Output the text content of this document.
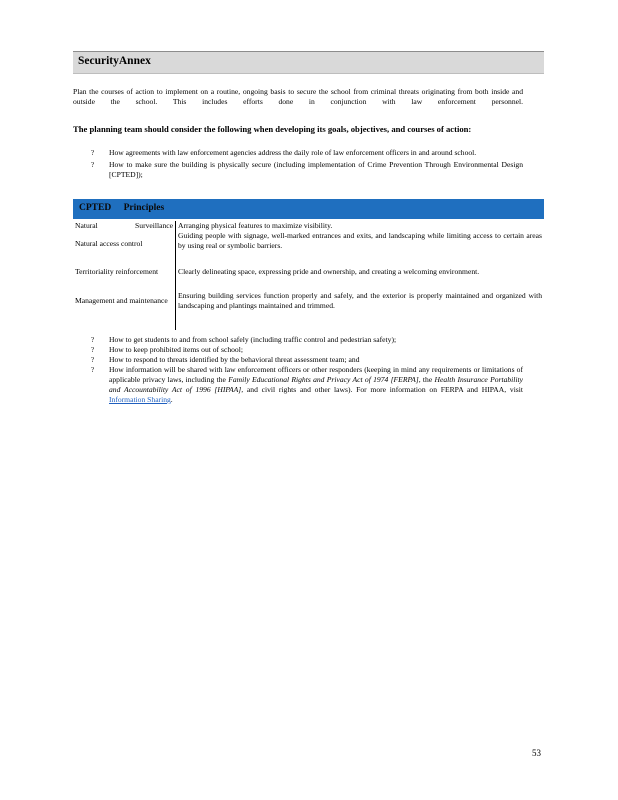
SecurityAnnex

Plan the courses of action to implement on a routine, ongoing basis to secure the school from criminal threats originating from both inside and outside the school. This includes efforts done in conjunction with law enforcement personnel.

The planning team should consider the following when developing its goals, objectives, and courses of action:

? How agreements with law enforcement agencies address the daily role of law enforcement officers in and around school.

? How to make sure the building is physically secure (including implementation of Crime Prevention Through Environmental Design [CPTED]);

CPTED Principles
Natural Surveillance	Arranging physical features to maximize visibility.
Natural access control	Guiding people with signage, well-marked entrances and exits, and landscaping while limiting access to certain areas by using real or symbolic barriers.
Territoriality reinforcement	Clearly delineating space, expressing pride and ownership, and creating a welcoming environment.
Management and maintenance	Ensuring building services function properly and safely, and the exterior is properly maintained and organized with landscaping and plantings maintained and trimmed.

? How to get students to and from school safely (including traffic control and pedestrian safety);

? How to keep prohibited items out of school;

? How to respond to threats identified by the behavioral threat assessment team; and

? How information will be shared with law enforcement officers or other responders (keeping in mind any requirements or limitations of applicable privacy laws, including the Family Educational Rights and Privacy Act of 1974 [FERPA], the Health Insurance Portability and Accountability Act of 1996 [HIPAA], and civil rights and other laws). For more information on FERPA and HIPAA, visit Information Sharing.

53
